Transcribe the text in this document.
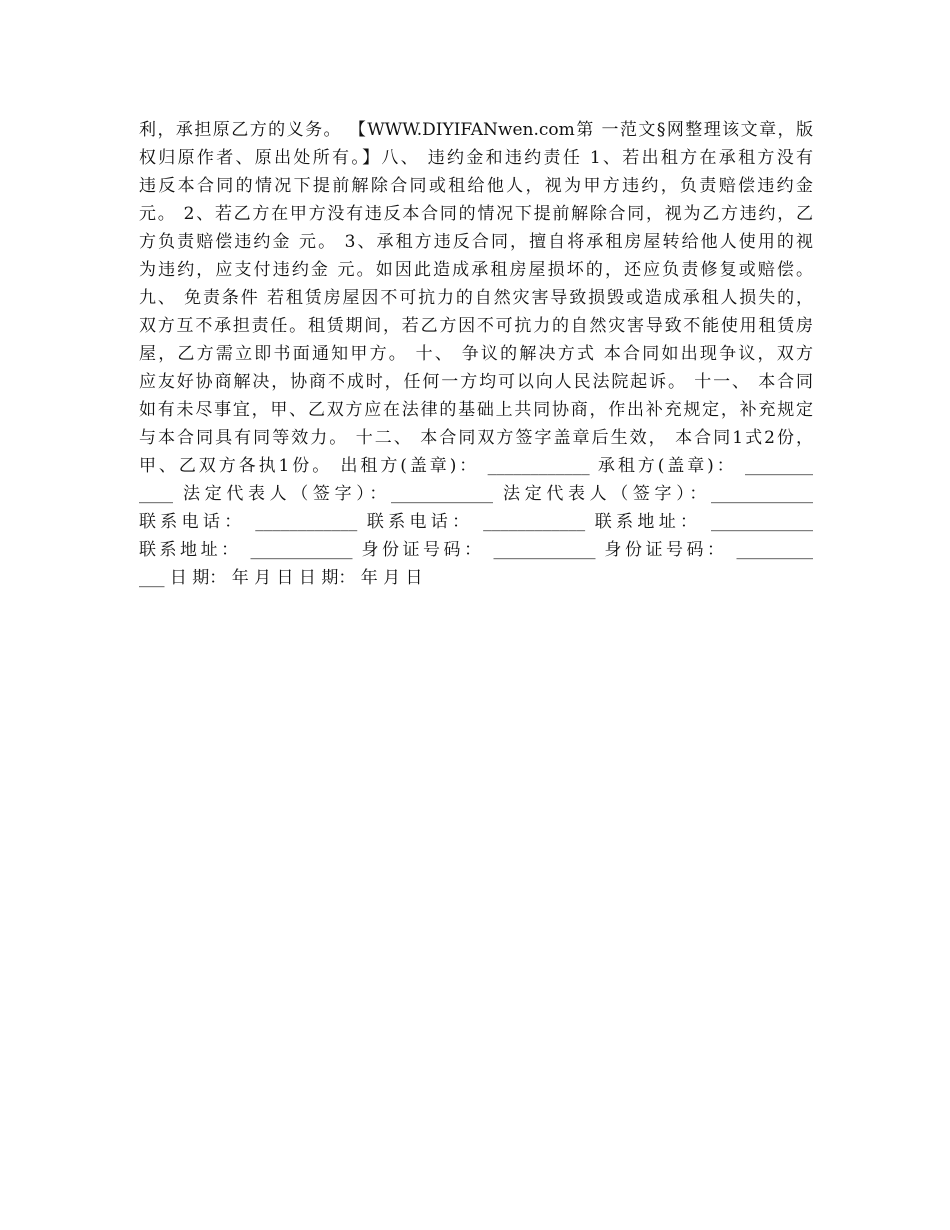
利，承担原乙方的义务。 【WWW.DIYIFANwen.com第 一范文§网整理该文章，版
权归原作者、原出处所有。】八、 违约金和违约责任 1、若出租方在承租方没有
违反本合同的情况下提前解除合同或租给他人，视为甲方违约，负责赔偿违约金
元。 2、若乙方在甲方没有违反本合同的情况下提前解除合同，视为乙方违约，乙
方负责赔偿违约金 元。 3、承租方违反合同，擅自将承租房屋转给他人使用的视
为违约，应支付违约金 元。如因此造成承租房屋损坏的，还应负责修复或赔偿。
九、 免责条件 若租赁房屋因不可抗力的自然灾害导致损毁或造成承租人损失的，
双方互不承担责任。租赁期间，若乙方因不可抗力的自然灾害导致不能使用租赁房
屋，乙方需立即书面通知甲方。 十、 争议的解决方式 本合同如出现争议，双方
应友好协商解决，协商不成时，任何一方均可以向人民法院起诉。 十一、 本合同
如有未尽事宜，甲、乙双方应在法律的基础上共同协商，作出补充规定，补充规定
与本合同具有同等效力。 十二、 本合同双方签字盖章后生效， 本合同1式2份，
甲、乙双方各执1份。 出租方(盖章)： ____________ 承租方(盖章)： ________
____ 法定代表人（签字）：____________ 法定代表人（签字）：____________
联系电话： ____________ 联系电话： ____________ 联系地址： ____________
联系地址： ____________ 身份证号码： ____________ 身份证号码： _________
___ 日 期： 年 月 日 日 期： 年 月 日
